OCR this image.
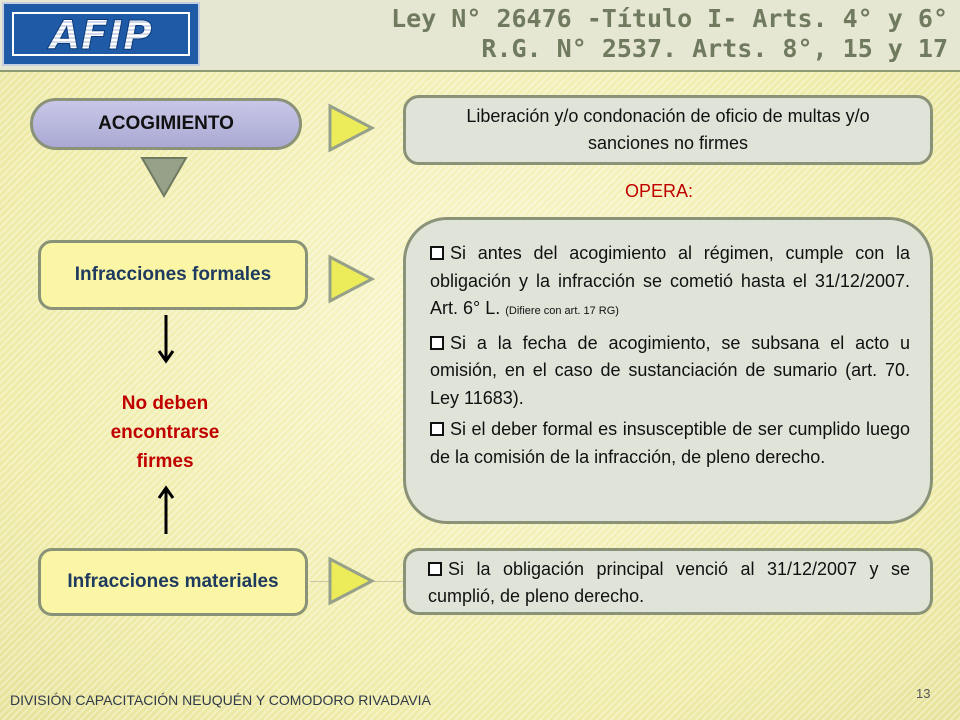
AFIP	Ley N° 26476 -Título I- Arts. 4° y 6°
R.G. N° 2537. Arts. 8°, 15 y 17
ACOGIMIENTO
Infracciones formales
No deben encontrarse firmes
Infracciones materiales
Liberación y/o condonación de oficio de multas y/o sanciones no firmes
OPERA:
Si antes del acogimiento al régimen, cumple con la obligación y la infracción se cometió hasta el 31/12/2007. Art. 6° L. (Difiere con art. 17 RG)
Si a la fecha de acogimiento, se subsana el acto u omisión, en el caso de sustanciación de sumario (art. 70. Ley 11683).
Si el deber formal es insusceptible de ser cumplido luego de la comisión de la infracción, de pleno derecho.
Si la obligación principal venció al 31/12/2007 y se cumplió, de pleno derecho.
DIVISIÓN CAPACITACIÓN NEUQUÉN Y COMODORO RIVADAVIA	13
